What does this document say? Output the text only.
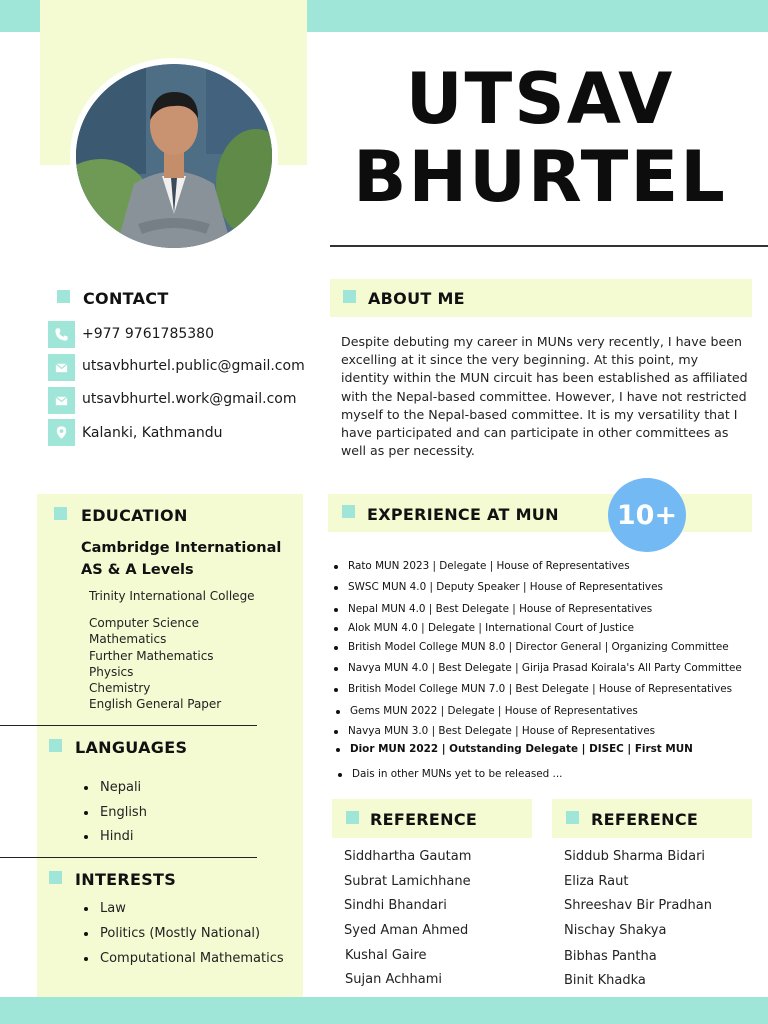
UTSAV
BHURTEL
CONTACT
+977 9761785380
utsavbhurtel.public@gmail.com
utsavbhurtel.work@gmail.com
Kalanki, Kathmandu
ABOUT ME
Despite debuting my career in MUNs very recently, I have been excelling at it since the very beginning. At this point, my identity within the MUN circuit has been established as affiliated with the Nepal-based committee. However, I have not restricted myself to the Nepal-based committee. It is my versatility that I have participated and can participate in other committees as well as per necessity.
EDUCATION
Cambridge International AS & A Levels
Trinity International College
Computer Science
Mathematics
Further Mathematics
Physics
Chemistry
English General Paper
LANGUAGES
Nepali
English
Hindi
INTERESTS
Law
Politics (Mostly National)
Computational Mathematics
EXPERIENCE AT MUN	10+
Rato MUN 2023 | Delegate | House of Representatives
SWSC MUN 4.0 | Deputy Speaker | House of Representatives
Nepal MUN 4.0 | Best Delegate | House of Representatives
Alok MUN 4.0 | Delegate | International Court of Justice
British Model College MUN 8.0 | Director General | Organizing Committee
Navya MUN 4.0 | Best Delegate | Girija Prasad Koirala's All Party Committee
British Model College MUN 7.0 | Best Delegate | House of Representatives
Gems MUN 2022 | Delegate | House of Representatives
Navya MUN 3.0 | Best Delegate | House of Representatives
Dior MUN 2022 | Outstanding Delegate | DISEC | First MUN
Dais in other MUNs yet to be released ...
REFERENCE
Siddhartha Gautam
Subrat Lamichhane
Sindhi Bhandari
Syed Aman Ahmed
Kushal Gaire
Sujan Achhami
REFERENCE
Siddub Sharma Bidari
Eliza Raut
Shreeshav Bir Pradhan
Nischay Shakya
Bibhas Pantha
Binit Khadka
